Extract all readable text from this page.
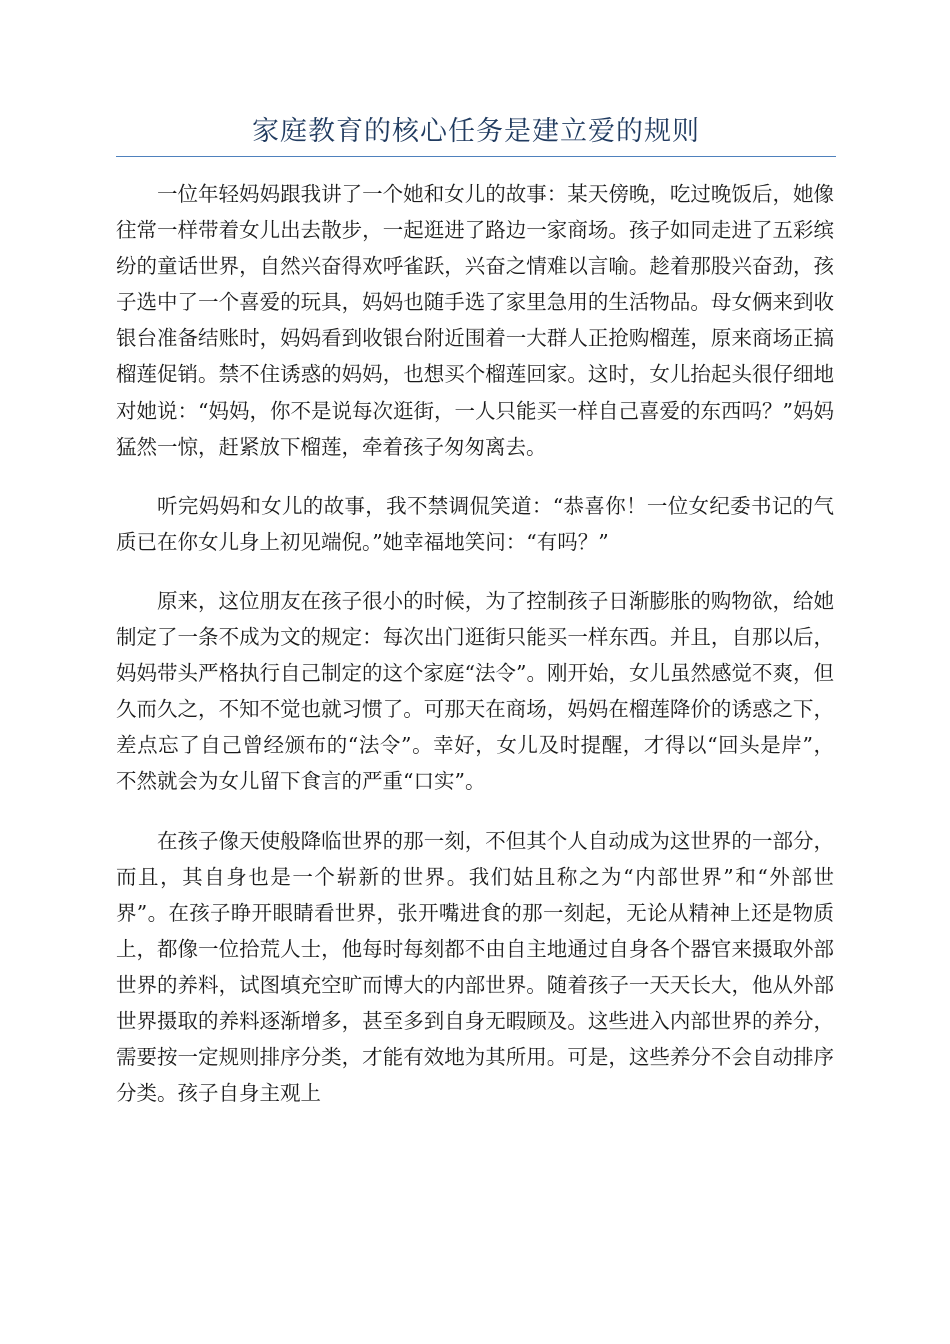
家庭教育的核心任务是建立爱的规则

一位年轻妈妈跟我讲了一个她和女儿的故事：某天傍晚，吃过晚饭后，她像往常一样带着女儿出去散步，一起逛进了路边一家商场。孩子如同走进了五彩缤纷的童话世界，自然兴奋得欢呼雀跃，兴奋之情难以言喻。趁着那股兴奋劲，孩子选中了一个喜爱的玩具，妈妈也随手选了家里急用的生活物品。母女俩来到收银台准备结账时，妈妈看到收银台附近围着一大群人正抢购榴莲，原来商场正搞榴莲促销。禁不住诱惑的妈妈，也想买个榴莲回家。这时，女儿抬起头很仔细地对她说：“妈妈，你不是说每次逛街，一人只能买一样自己喜爱的东西吗？”妈妈猛然一惊，赶紧放下榴莲，牵着孩子匆匆离去。

听完妈妈和女儿的故事，我不禁调侃笑道：“恭喜你！一位女纪委书记的气质已在你女儿身上初见端倪。”她幸福地笑问：“有吗？”

原来，这位朋友在孩子很小的时候，为了控制孩子日渐膨胀的购物欲，给她制定了一条不成为文的规定：每次出门逛街只能买一样东西。并且，自那以后，妈妈带头严格执行自己制定的这个家庭“法令”。刚开始，女儿虽然感觉不爽，但久而久之，不知不觉也就习惯了。可那天在商场，妈妈在榴莲降价的诱惑之下，差点忘了自己曾经颁布的“法令”。幸好，女儿及时提醒，才得以“回头是岸”，不然就会为女儿留下食言的严重“口实”。

在孩子像天使般降临世界的那一刻，不但其个人自动成为这世界的一部分，而且，其自身也是一个崭新的世界。我们姑且称之为“内部世界”和“外部世界”。在孩子睁开眼睛看世界，张开嘴进食的那一刻起，无论从精神上还是物质上，都像一位拾荒人士，他每时每刻都不由自主地通过自身各个器官来摄取外部世界的养料，试图填充空旷而博大的内部世界。随着孩子一天天长大，他从外部世界摄取的养料逐渐增多，甚至多到自身无暇顾及。这些进入内部世界的养分，需要按一定规则排序分类，才能有效地为其所用。可是，这些养分不会自动排序分类。孩子自身主观上
